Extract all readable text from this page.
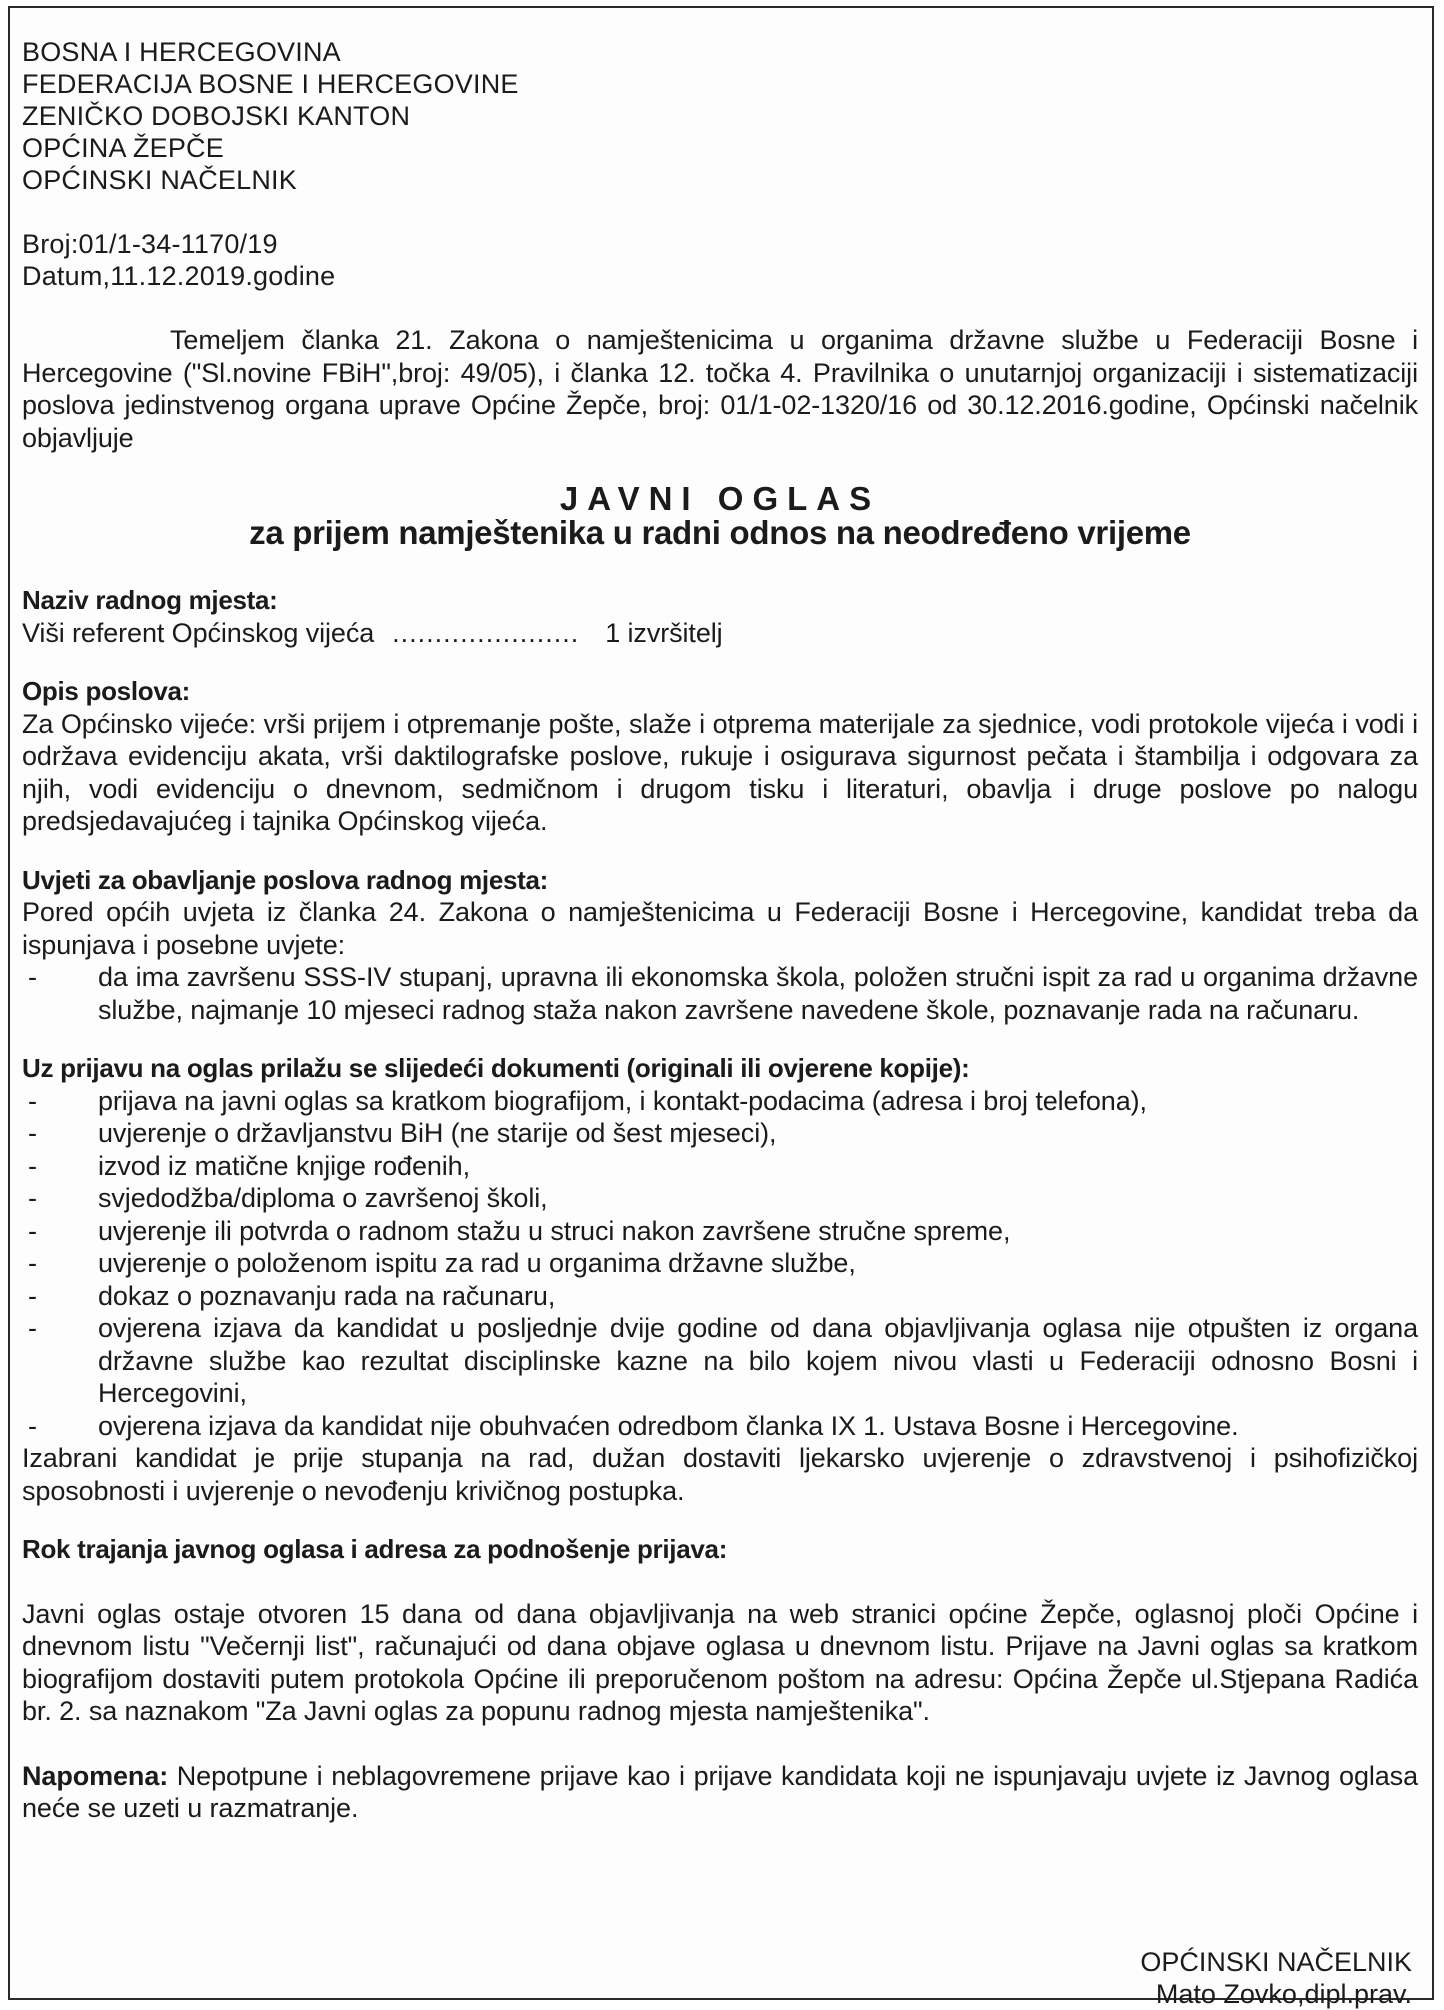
BOSNA I HERCEGOVINA
FEDERACIJA BOSNE I HERCEGOVINE
ZENIČKO DOBOJSKI KANTON
OPĆINA ŽEPČE
OPĆINSKI NAČELNIK
Broj:01/1-34-1170/19
Datum,11.12.2019.godine

Temeljem članka 21. Zakona o namještenicima u organima državne službe u Federaciji Bosne i Hercegovine ("Sl.novine FBiH",broj: 49/05), i članka 12. točka 4. Pravilnika o unutarnjoj organizaciji i sistematizaciji poslova jedinstvenog organa uprave Općine Žepče, broj: 01/1-02-1320/16 od 30.12.2016.godine, Općinski načelnik objavljuje

JAVNI OGLAS
za prijem namještenika u radni odnos na neodređeno vrijeme
Naziv radnog mjesta:
Viši referent Općinskog vijeća ...................... 1 izvršitelj
Opis poslova:

Za Općinsko vijeće: vrši prijem i otpremanje pošte, slaže i otprema materijale za sjednice, vodi protokole vijeća i vodi i održava evidenciju akata, vrši daktilografske poslove, rukuje i osigurava sigurnost pečata i štambilja i odgovara za njih, vodi evidenciju o dnevnom, sedmičnom i drugom tisku i literaturi, obavlja i druge poslove po nalogu predsjedavajućeg i tajnika Općinskog vijeća.

Uvjeti za obavljanje poslova radnog mjesta:

Pored općih uvjeta iz članka 24. Zakona o namještenicima u Federaciji Bosne i Hercegovine, kandidat treba da ispunjava i posebne uvjete:

- da ima završenu SSS-IV stupanj, upravna ili ekonomska škola, položen stručni ispit za rad u organima državne službe, najmanje 10 mjeseci radnog staža nakon završene navedene škole, poznavanje rada na računaru.
Uz prijavu na oglas prilažu se slijedeći dokumenti (originali ili ovjerene kopije):
- prijava na javni oglas sa kratkom biografijom, i kontakt-podacima (adresa i broj telefona),
- uvjerenje o državljanstvu BiH (ne starije od šest mjeseci),
- izvod iz matične knjige rođenih,
- svjedodžba/diploma o završenoj školi,
- uvjerenje ili potvrda o radnom stažu u struci nakon završene stručne spreme,
- uvjerenje o položenom ispitu za rad u organima državne službe,
- dokaz o poznavanju rada na računaru,
- ovjerena izjava da kandidat u posljednje dvije godine od dana objavljivanja oglasa nije otpušten iz organa državne službe kao rezultat disciplinske kazne na bilo kojem nivou vlasti u Federaciji odnosno Bosni i Hercegovini,
- ovjerena izjava da kandidat nije obuhvaćen odredbom članka IX 1. Ustava Bosne i Hercegovine.

Izabrani kandidat je prije stupanja na rad, dužan dostaviti ljekarsko uvjerenje o zdravstvenoj i psihofizičkoj sposobnosti i uvjerenje o nevođenju krivičnog postupka.

Rok trajanja javnog oglasa i adresa za podnošenje prijava:

Javni oglas ostaje otvoren 15 dana od dana objavljivanja na web stranici općine Žepče, oglasnoj ploči Općine i dnevnom listu "Večernji list", računajući od dana objave oglasa u dnevnom listu. Prijave na Javni oglas sa kratkom biografijom dostaviti putem protokola Općine ili preporučenom poštom na adresu: Općina Žepče ul.Stjepana Radića br. 2. sa naznakom "Za Javni oglas za popunu radnog mjesta namještenika".

Napomena: Nepotpune i neblagovremene prijave kao i prijave kandidata koji ne ispunjavaju uvjete iz Javnog oglasa neće se uzeti u razmatranje.

OPĆINSKI NAČELNIK
Mato Zovko,dipl.prav.
